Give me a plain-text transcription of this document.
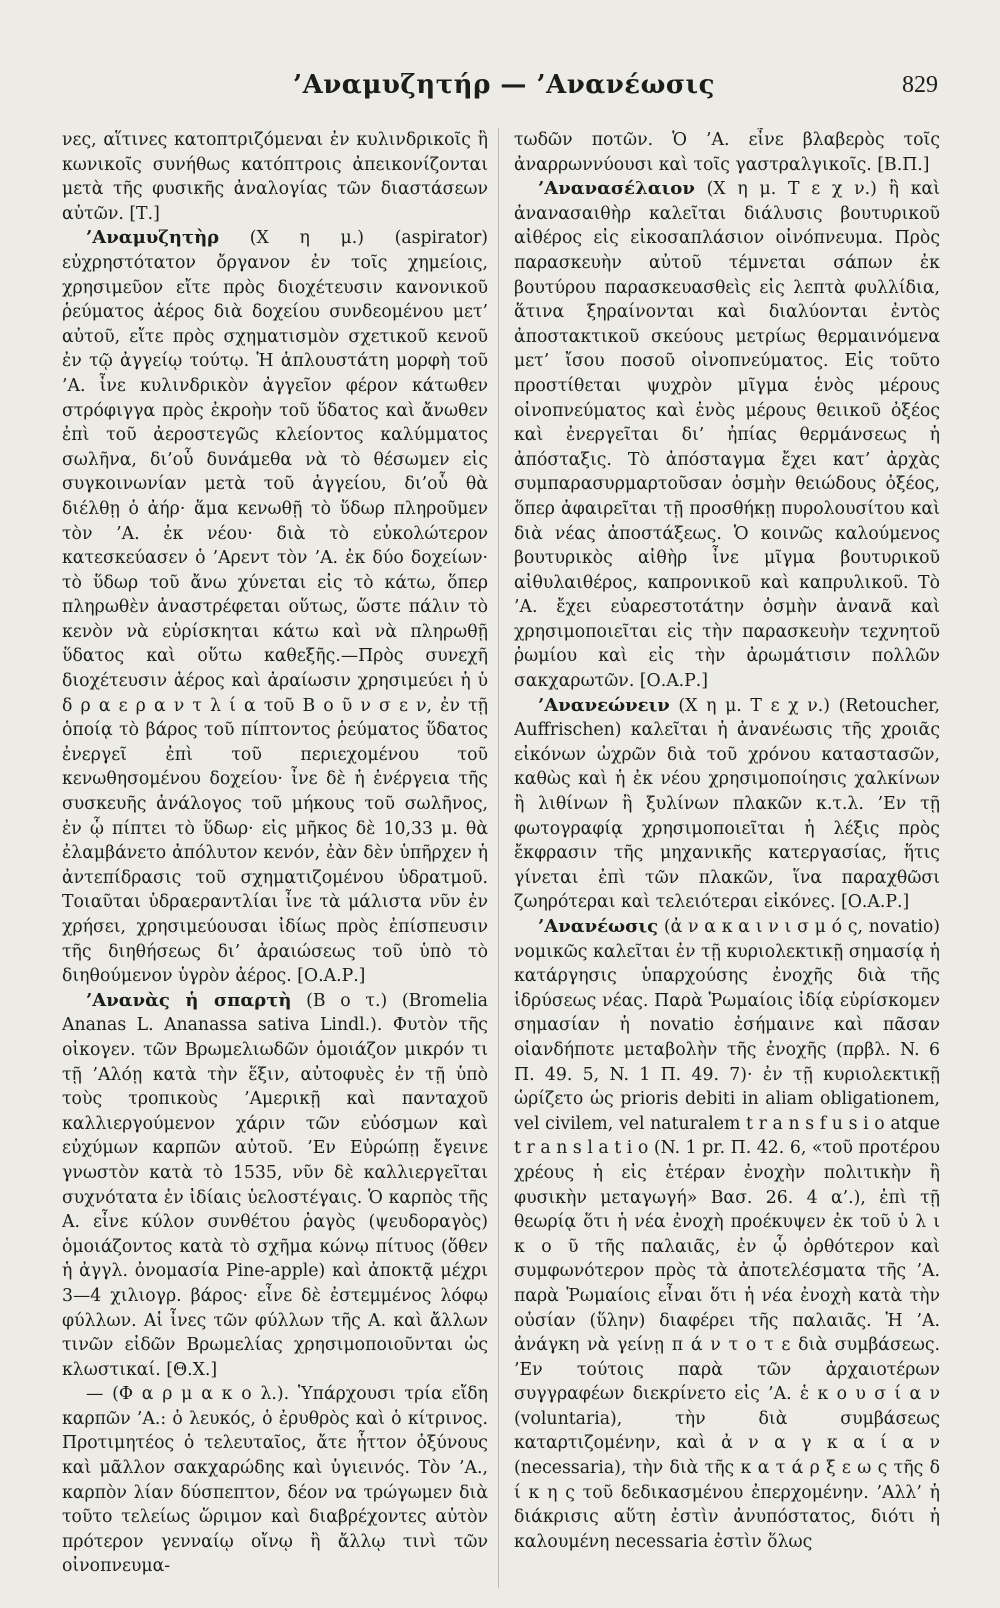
’Αναμυζητήρ — ’Ανανέωσις	829

νες, αἵτινες κατοπτριζόμεναι ἐν κυλινδρικοῖς ἢ κωνικοῖς συνήθως κατόπτροις ἀπεικονίζονται μετὰ τῆς φυσικῆς ἀναλογίας τῶν διαστάσεων αὐτῶν. [Τ.]

’Αναμυζητὴρ (Χ η μ.) (aspirator) εὐχρηστότατον ὄργανον ἐν τοῖς χημείοις, χρησιμεῦον εἴτε πρὸς διοχέτευσιν κανονικοῦ ῥεύματος ἀέρος διὰ δοχείου συνδεομένου μετ’ αὐτοῦ, εἴτε πρὸς σχηματισμὸν σχετικοῦ κενοῦ ἐν τῷ ἀγγείῳ τούτῳ. Ἡ ἁπλουστάτη μορφὴ τοῦ ’Α. ἶνε κυλινδρικὸν ἀγγεῖον φέρον κάτωθεν στρόφιγγα πρὸς ἐκροὴν τοῦ ὕδατος καὶ ἄνωθεν ἐπὶ τοῦ ἀεροστεγῶς κλείοντος καλύμματος σωλῆνα, δι’οὗ δυνάμεθα νὰ τὸ θέσωμεν εἰς συγκοινωνίαν μετὰ τοῦ ἀγγείου, δι’οὗ θὰ διέλθῃ ὁ ἀήρ· ἅμα κενωθῇ τὸ ὕδωρ πληροῦμεν τὸν ’Α. ἐκ νέου· διὰ τὸ εὐκολώτερον κατεσκεύασεν ὁ ’Αρεντ τὸν ’Α. ἐκ δύο δοχείων· τὸ ὕδωρ τοῦ ἄνω χύνεται εἰς τὸ κάτω, ὅπερ πληρωθὲν ἀναστρέφεται οὕτως, ὥστε πάλιν τὸ κενὸν νὰ εὑρίσκηται κάτω καὶ νὰ πληρωθῇ ὕδατος καὶ οὕτω καθεξῆς.—Πρὸς συνεχῆ διοχέτευσιν ἀέρος καὶ ἀραίωσιν χρησιμεύει ἡ ὑ δ ρ α ε ρ α ν τ λ ί α τοῦ Β ο ῦ ν σ ε ν, ἐν τῇ ὁποίᾳ τὸ βάρος τοῦ πίπτοντος ῥεύματος ὕδατος ἐνεργεῖ ἐπὶ τοῦ περιεχομένου τοῦ κενωθησομένου δοχείου· ἶνε δὲ ἡ ἐνέργεια τῆς συσκευῆς ἀνάλογος τοῦ μήκους τοῦ σωλῆνος, ἐν ᾧ πίπτει τὸ ὕδωρ· εἰς μῆκος δὲ 10,33 μ. θὰ ἐλαμβάνετο ἀπόλυτον κενόν, ἐὰν δὲν ὑπῆρχεν ἡ ἀντεπίδρασις τοῦ σχηματιζομένου ὑδρατμοῦ. Τοιαῦται ὑδραεραντλίαι ἶνε τὰ μάλιστα νῦν ἐν χρήσει, χρησιμεύουσαι ἰδίως πρὸς ἐπίσπευσιν τῆς διηθήσεως δι’ ἀραιώσεως τοῦ ὑπὸ τὸ διηθούμενον ὑγρὸν ἀέρος. [Ο.Α.Ρ.]

’Ανανὰς ἡ σπαρτὴ (Β ο τ.) (Bromelia Ananas L. Ananassa sativa Lindl.). Φυτὸν τῆς οἰκογεν. τῶν Βρωμελιωδῶν ὁμοιάζον μικρόν τι τῇ ’Αλόῃ κατὰ τὴν ἕξιν, αὐτοφυὲς ἐν τῇ ὑπὸ τοὺς τροπικοὺς ’Αμερικῇ καὶ πανταχοῦ καλλιεργούμενον χάριν τῶν εὐόσμων καὶ εὐχύμων καρπῶν αὐτοῦ. ’Εν Εὐρώπῃ ἔγεινε γνωστὸν κατὰ τὸ 1535, νῦν δὲ καλλιεργεῖται συχνότατα ἐν ἰδίαις ὑελοστέγαις. Ὁ καρπὸς τῆς Α. εἶνε κύλον συνθέτου ῥαγὸς (ψευδοραγὸς) ὁμοιάζοντος κατὰ τὸ σχῆμα κώνῳ πίτυος (ὅθεν ἡ ἀγγλ. ὀνομασία Pine-apple) καὶ ἀποκτᾷ μέχρι 3—4 χιλιογρ. βάρος· εἶνε δὲ ἐστεμμένος λόφῳ φύλλων. Αἱ ἶνες τῶν φύλλων τῆς Α. καὶ ἄλλων τινῶν εἰδῶν Βρωμελίας χρησιμοποιοῦνται ὡς κλωστικαί. [Θ.Χ.]

— (Φ α ρ μ α κ ο λ.). Ὑπάρχουσι τρία εἴδη καρπῶν ’Α.: ὁ λευκός, ὁ ἐρυθρὸς καὶ ὁ κίτρινος. Προτιμητέος ὁ τελευταῖος, ἄτε ἧττον ὀξύνους καὶ μᾶλλον σακχαρώδης καὶ ὑγιεινός. Τὸν ’Α., καρπὸν λίαν δύσπεπτον, δέον να τρώγωμεν διὰ τοῦτο τελείως ὥριμον καὶ διαβρέχοντες αὐτὸν πρότερον γενναίῳ οἴνῳ ἢ ἄλλῳ τινὶ τῶν οἰνοπνευμα-

τωδῶν ποτῶν. Ὁ ’Α. εἶνε βλαβερὸς τοῖς ἀναρρωννύουσι καὶ τοῖς γαστραλγικοῖς. [Β.Π.]

’Ανανασέλαιον (Χ η μ. Τ ε χ ν.) ἢ καὶ ἀνανασαιθὴρ καλεῖται διάλυσις βουτυρικοῦ αἰθέρος εἰς εἰκοσαπλάσιον οἰνόπνευμα. Πρὸς παρασκευὴν αὐτοῦ τέμνεται σάπων ἐκ βουτύρου παρασκευασθεὶς εἰς λεπτὰ φυλλίδια, ἅτινα ξηραίνονται καὶ διαλύονται ἐντὸς ἀποστακτικοῦ σκεύους μετρίως θερμαινόμενα μετ’ ἴσου ποσοῦ οἰνοπνεύματος. Εἰς τοῦτο προστίθεται ψυχρὸν μῖγμα ἑνὸς μέρους οἰνοπνεύματος καὶ ἑνὸς μέρους θειικοῦ ὀξέος καὶ ἐνεργεῖται δι’ ἠπίας θερμάνσεως ἡ ἀπόσταξις. Τὸ ἀπόσταγμα ἔχει κατ’ ἀρχὰς συμπαρασυρμαρτοῦσαν ὀσμὴν θειώδους ὀξέος, ὅπερ ἀφαιρεῖται τῇ προσθήκῃ πυρολουσίτου καὶ διὰ νέας ἀποστάξεως. Ὁ κοινῶς καλούμενος βουτυρικὸς αἰθὴρ ἶνε μῖγμα βουτυρικοῦ αἰθυλαιθέρος, καπρονικοῦ καὶ καπρυλικοῦ. Τὸ ’Α. ἔχει εὐαρεστοτάτην ὀσμὴν ἀνανᾶ καὶ χρησιμοποιεῖται εἰς τὴν παρασκευὴν τεχνητοῦ ῥωμίου καὶ εἰς τὴν ἀρωμάτισιν πολλῶν σακχαρωτῶν. [Ο.Α.Ρ.]

’Ανανεώνειν (Χ η μ. Τ ε χ ν.) (Retoucher, Auffrischen) καλεῖται ἡ ἀνανέωσις τῆς χροιᾶς εἰκόνων ὠχρῶν διὰ τοῦ χρόνου καταστασῶν, καθὼς καὶ ἡ ἐκ νέου χρησιμοποίησις χαλκίνων ἢ λιθίνων ἢ ξυλίνων πλακῶν κ.τ.λ. ’Εν τῇ φωτογραφίᾳ χρησιμοποιεῖται ἡ λέξις πρὸς ἔκφρασιν τῆς μηχανικῆς κατεργασίας, ἥτις γίνεται ἐπὶ τῶν πλακῶν, ἵνα παραχθῶσι ζωηρότεραι καὶ τελειότεραι εἰκόνες. [Ο.Α.Ρ.]

’Ανανέωσις (ἀ ν α κ α ι ν ι σ μ ό ς, novatio) νομικῶς καλεῖται ἐν τῇ κυριολεκτικῇ σημασίᾳ ἡ κατάργησις ὑπαρχούσης ἐνοχῆς διὰ τῆς ἱδρύσεως νέας. Παρὰ Ῥωμαίοις ἰδίᾳ εὑρίσκομεν σημασίαν ἡ novatio ἐσήμαινε καὶ πᾶσαν οἱανδήποτε μεταβολὴν τῆς ἐνοχῆς (πρβλ. N. 6 Π. 49. 5, N. 1 Π. 49. 7)· ἐν τῇ κυριολεκτικῇ ὡρίζετο ὡς prioris debiti in aliam obligationem, vel civilem, vel naturalem t r a n s f u s i o atque t r a n s l a t i o (N. 1 pr. Π. 42. 6, «τοῦ προτέρου χρέους ἡ εἰς ἑτέραν ἐνοχὴν πολιτικὴν ἢ φυσικὴν μεταγωγή» Βασ. 26. 4 α’.), ἐπὶ τῇ θεωρίᾳ ὅτι ἡ νέα ἐνοχὴ προέκυψεν ἐκ τοῦ ὑ λ ι κ ο ῦ τῆς παλαιᾶς, ἐν ᾧ ὀρθότερον καὶ συμφωνότερον πρὸς τὰ ἀποτελέσματα τῆς ’Α. παρὰ Ῥωμαίοις εἶναι ὅτι ἡ νέα ἐνοχὴ κατὰ τὴν οὐσίαν (ὕλην) διαφέρει τῆς παλαιᾶς. Ἡ ’Α. ἀνάγκη νὰ γείνῃ π ά ν τ ο τ ε διὰ συμβάσεως. ’Εν τούτοις παρὰ τῶν ἀρχαιοτέρων συγγραφέων διεκρίνετο εἰς ’Α. ἑ κ ο υ σ ί α ν (voluntaria), τὴν διὰ συμβάσεως καταρτιζομένην, καὶ ἀ ν α γ κ α ί α ν (necessaria), τὴν διὰ τῆς κ α τ ά ρ ξ ε ω ς τῆς δ ί κ η ς τοῦ δεδικασμένου ἐπερχομένην. ’Αλλ’ ἡ διάκρισις αὕτη ἐστὶν ἀνυπόστατος, διότι ἡ καλουμένη necessaria ἐστὶν ὅλως
